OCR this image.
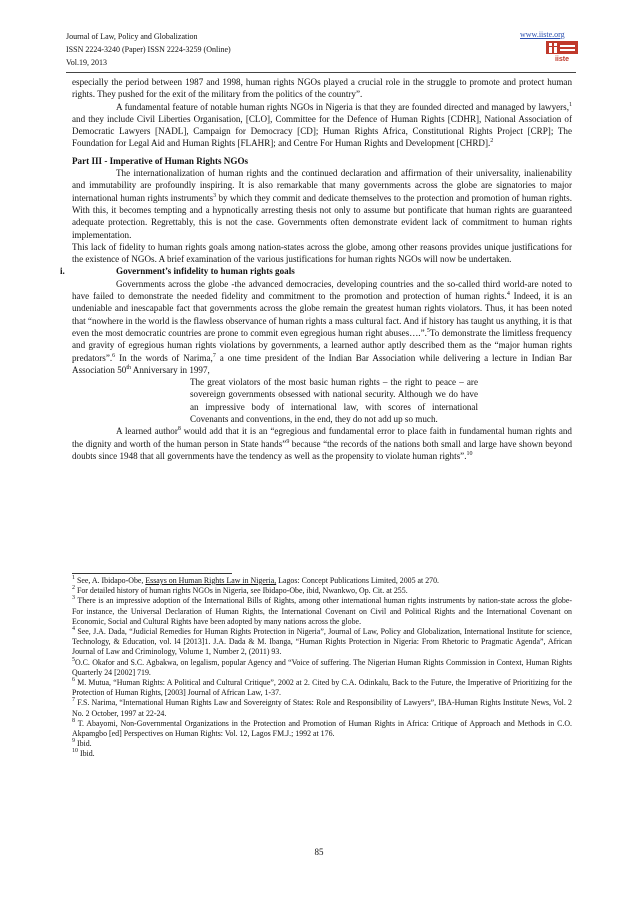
Journal of Law, Policy and Globalization
ISSN 2224-3240 (Paper) ISSN 2224-3259 (Online)
Vol.19, 2013
www.iiste.org
iiste

especially the period between 1987 and 1998, human rights NGOs played a crucial role in the struggle to promote and protect human rights. They pushed for the exit of the military from the politics of the country”.

A fundamental feature of notable human rights NGOs in Nigeria is that they are founded directed and managed by lawyers,$^1$ and they include Civil Liberties Organisation, [CLO], Committee for the Defence of Human Rights [CDHR], National Association of Democratic Lawyers [NADL], Campaign for Democracy [CD]; Human Rights Africa, Constitutional Rights Project [CRP]; The Foundation for Legal Aid and Human Rights [FLAHR]; and Centre For Human Rights and Development [CHRD].$^2$

Part III - Imperative of Human Rights NGOs

The internationalization of human rights and the continued declaration and affirmation of their universality, inalienability and immutability are profoundly inspiring. It is also remarkable that many governments across the globe are signatories to major international human rights instruments$^3$ by which they commit and dedicate themselves to the protection and promotion of human rights. With this, it becomes tempting and a hypnotically arresting thesis not only to assume but pontificate that human rights are guaranteed adequate protection. Regrettably, this is not the case. Governments often demonstrate evident lack of commitment to human rights implementation.

This lack of fidelity to human rights goals among nation-states across the globe, among other reasons provides unique justifications for the existence of NGOs. A brief examination of the various justifications for human rights NGOs will now be undertaken.

i.	Government’s infidelity to human rights goals

Governments across the globe -the advanced democracies, developing countries and the so-called third world-are noted to have failed to demonstrate the needed fidelity and commitment to the promotion and protection of human rights.$^4$ Indeed, it is an undeniable and inescapable fact that governments across the globe remain the greatest human rights violators. Thus, it has been noted that “nowhere in the world is the flawless observance of human rights a mass cultural fact. And if history has taught us anything, it is that even the most democratic countries are prone to commit even egregious human right abuses….”.$^5$To demonstrate the limitless frequency and gravity of egregious human rights violations by governments, a learned author aptly described them as the “major human rights predators”.$^6$ In the words of Narima,$^7$ a one time president of the Indian Bar Association while delivering a lecture in Indian Bar Association 50th Anniversary in 1997,

The great violators of the most basic human rights – the right to peace – are sovereign governments obsessed with national security. Although we do have an impressive body of international law, with scores of international Covenants and conventions, in the end, they do not add up so much.

A learned author$^8$ would add that it is an “egregious and fundamental error to place faith in fundamental human rights and the dignity and worth of the human person in State hands”$^9$ because “the records of the nations both small and large have shown beyond doubts since 1948 that all governments have the tendency as well as the propensity to violate human rights”.$^{10}$

$^1$ See, A. Ibidapo-Obe, Essays on Human Rights Law in Nigeria, Lagos: Concept Publications Limited, 2005 at 270.

$^2$ For detailed history of human rights NGOs in Nigeria, see Ibidapo-Obe, ibid, Nwankwo, Op. Cit. at 255.

$^3$ There is an impressive adoption of the International Bills of Rights, among other international human rights instruments by nation-state across the globe- For instance, the Universal Declaration of Human Rights, the International Covenant on Civil and Political Rights and the International Covenant on Economic, Social and Cultural Rights have been adopted by many nations across the globe.

$^4$ See, J.A. Dada, “Judicial Remedies for Human Rights Protection in Nigeria”, Journal of Law, Policy and Globalization, International Institute for science, Technology, & Education, vol. l4 [2013]1. J.A. Dada & M. Ibanga, “Human Rights Protection in Nigeria: From Rhetoric to Pragmatic Agenda”, African Journal of Law and Criminology, Volume 1, Number 2, (2011) 93.

$^5$O.C. Okafor and S.C. Agbakwa, on legalism, popular Agency and “Voice of suffering. The Nigerian Human Rights Commission in Context, Human Rights Quarterly 24 [2002] 719.

$^6$ M. Mutua, “Human Rights: A Political and Cultural Critique”, 2002 at 2. Cited by C.A. Odinkalu, Back to the Future, the Imperative of Prioritizing for the Protection of Human Rights, [2003] Journal of African Law, 1-37.

$^7$ F.S. Narima, “International Human Rights Law and Sovereignty of States: Role and Responsibility of Lawyers”, IBA-Human Rights Institute News, Vol. 2 No. 2 October, 1997 at 22-24.

$^8$ T. Abayomi, Non-Governmental Organizations in the Protection and Promotion of Human Rights in Africa: Critique of Approach and Methods in C.O. Akpamgbo [ed] Perspectives on Human Rights: Vol. 12, Lagos FM.J.; 1992 at 176.

$^9$ Ibid.

$^{10}$ Ibid.

85
